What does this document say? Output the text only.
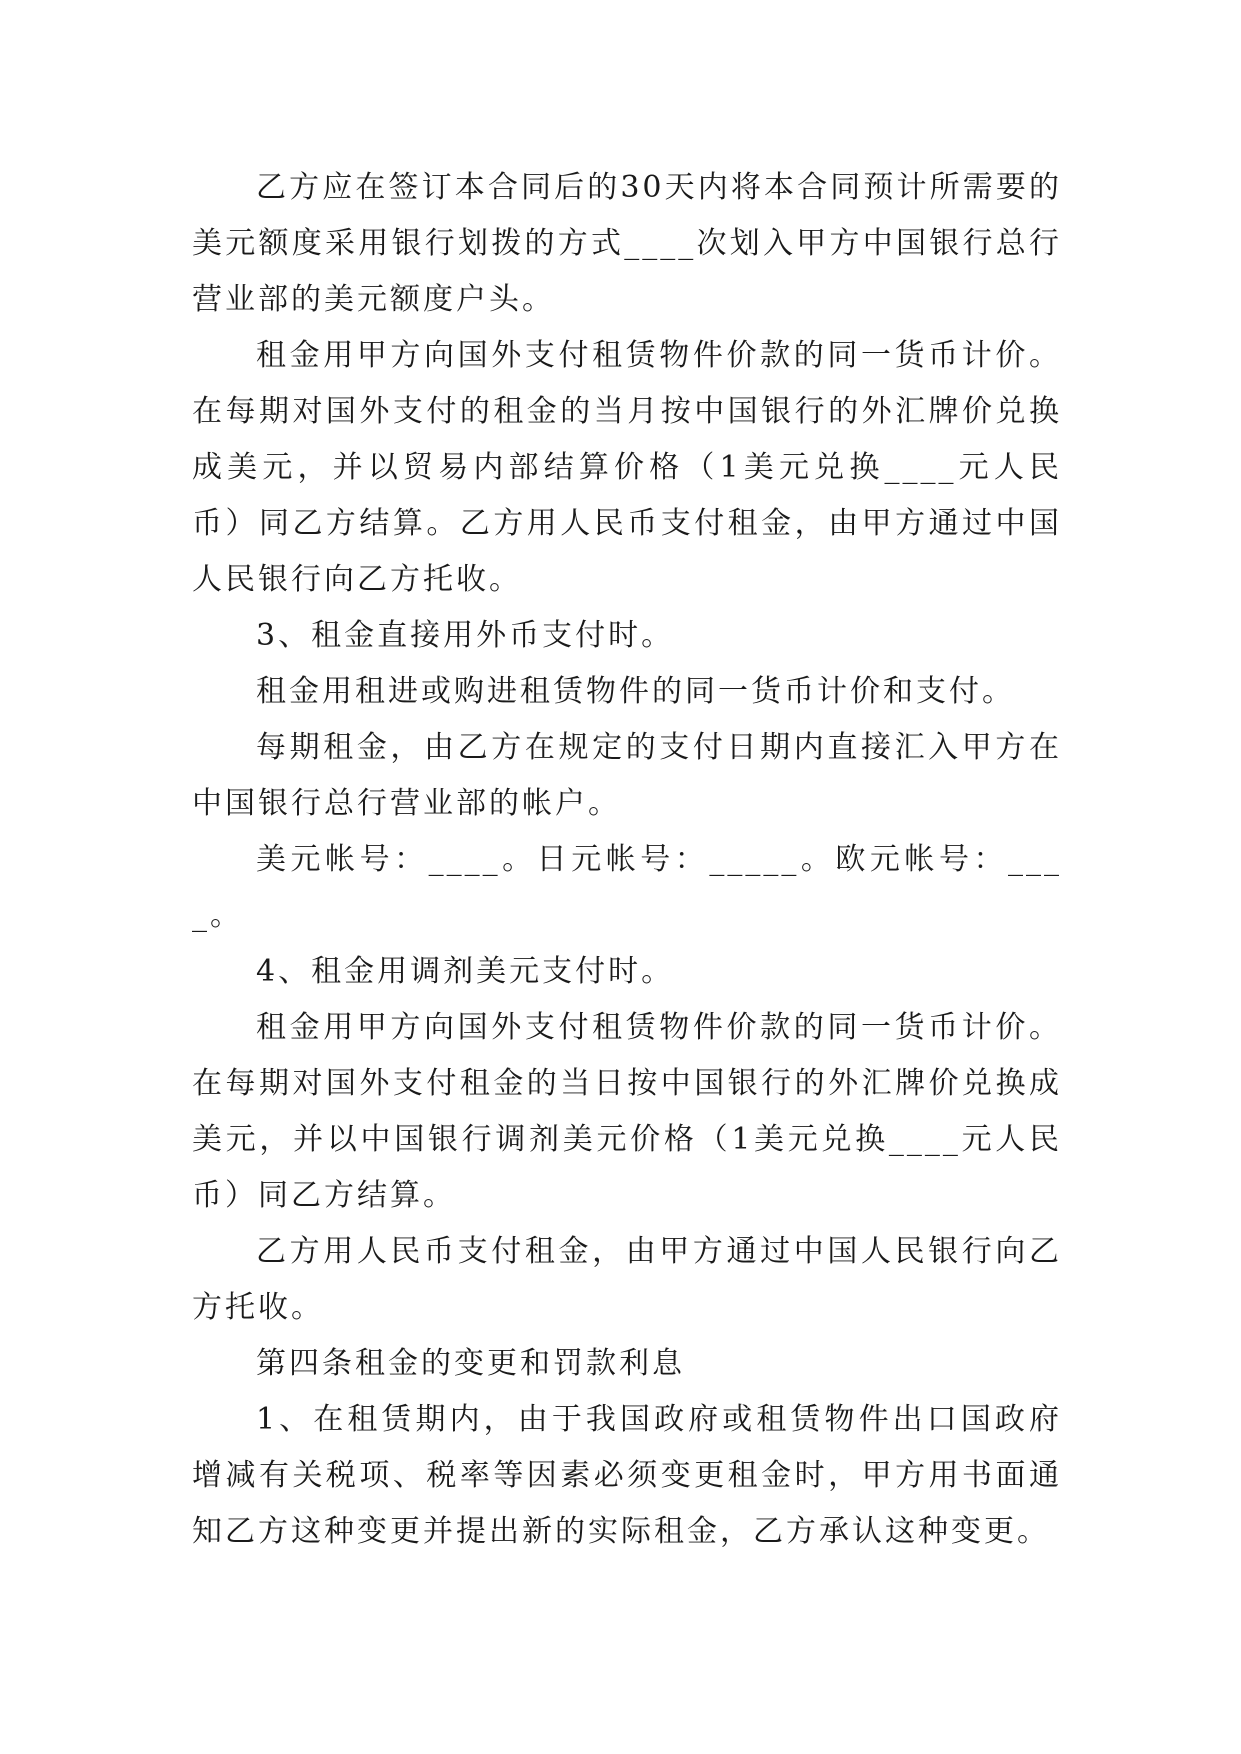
乙方应在签订本合同后的30天内将本合同预计所需要的美元额度采用银行划拨的方式____次划入甲方中国银行总行营业部的美元额度户头。

租金用甲方向国外支付租赁物件价款的同一货币计价。在每期对国外支付的租金的当月按中国银行的外汇牌价兑换成美元，并以贸易内部结算价格（1美元兑换____元人民币）同乙方结算。乙方用人民币支付租金，由甲方通过中国人民银行向乙方托收。

3、租金直接用外币支付时。

租金用租进或购进租赁物件的同一货币计价和支付。

每期租金，由乙方在规定的支付日期内直接汇入甲方在中国银行总行营业部的帐户。

美元帐号：____。日元帐号：_____。欧元帐号：____。

4、租金用调剂美元支付时。

租金用甲方向国外支付租赁物件价款的同一货币计价。在每期对国外支付租金的当日按中国银行的外汇牌价兑换成美元，并以中国银行调剂美元价格（1美元兑换____元人民币）同乙方结算。

乙方用人民币支付租金，由甲方通过中国人民银行向乙方托收。

第四条租金的变更和罚款利息

1、在租赁期内，由于我国政府或租赁物件出口国政府增减有关税项、税率等因素必须变更租金时，甲方用书面通知乙方这种变更并提出新的实际租金，乙方承认这种变更。
